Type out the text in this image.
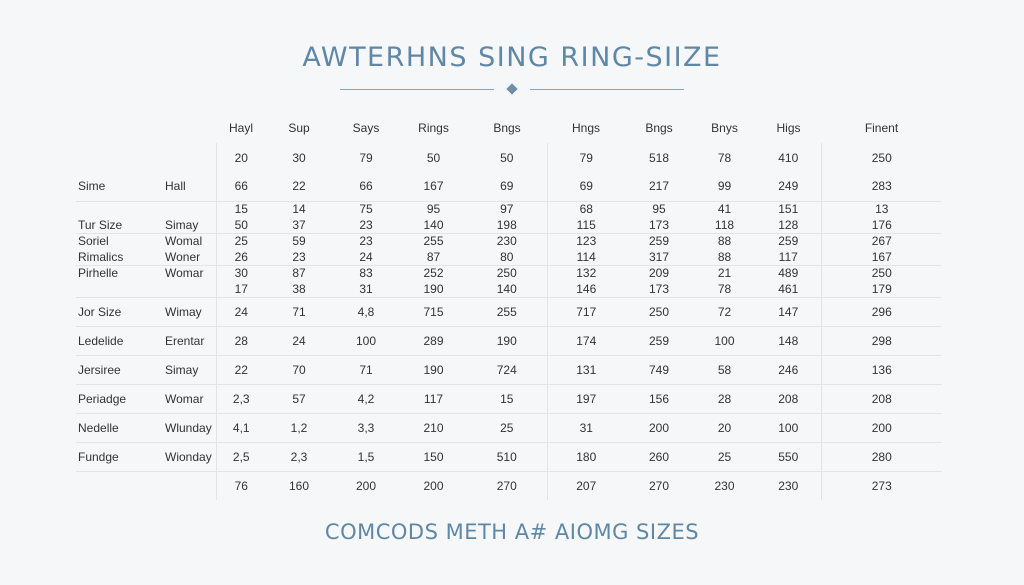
AWTERHNS SING RING-SIIZE
		Hayl	Sup	Says	Rings	Bngs	Hngs	Bngs	Bnys	Higs	Finent
		20	30	79	50	50	79	518	78	410	250
Sime	Hall	66	22	66	167	69	69	217	99	249	283
		15	14	75	95	97	68	95	41	151	13
Tur Size	Simay	50	37	23	140	198	115	173	118	128	176
Soriel	Womal	25	59	23	255	230	123	259	88	259	267
Rimalics	Woner	26	23	24	87	80	114	317	88	117	167
Pirhelle	Womar	30	87	83	252	250	132	209	21	489	250
		17	38	31	190	140	146	173	78	461	179
Jor Size	Wimay	24	71	4,8	715	255	717	250	72	147	296
Ledelide	Erentar	28	24	100	289	190	174	259	100	148	298
Jersiree	Simay	22	70	71	190	724	131	749	58	246	136
Periadge	Womar	2,3	57	4,2	117	15	197	156	28	208	208
Nedelle	Wlunday	4,1	1,2	3,3	210	25	31	200	20	100	200
Fundge	Wionday	2,5	2,3	1,5	150	510	180	260	25	550	280
		76	160	200	200	270	207	270	230	230	273
COMCODS METH A# AIOMG SIZES
